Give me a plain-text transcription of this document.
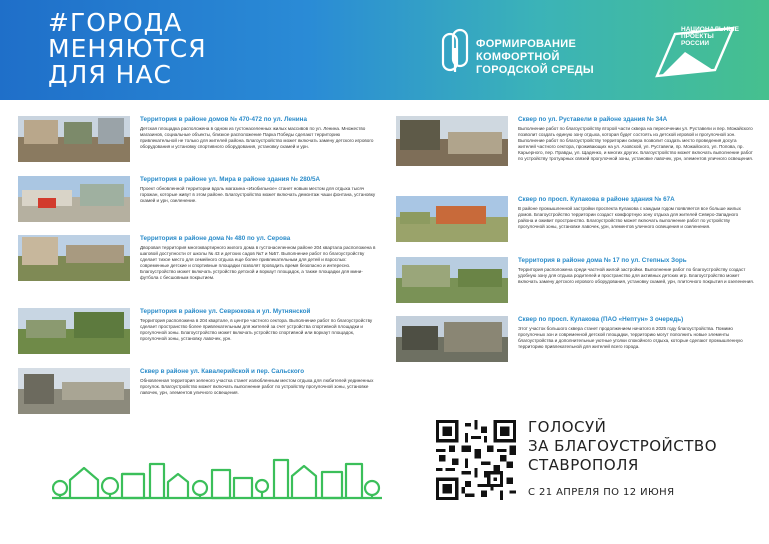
#ГОРОДА
МЕНЯЮТСЯ
ДЛЯ НАС
ФОРМИРОВАНИЕ
КОМФОРТНОЙ
ГОРОДСКОЙ СРЕДЫ
НАЦИОНАЛЬНЫЕ
ПРОЕКТЫ
РОССИИ
Территория в районе домов № 470-472 по ул. Ленина
Детская площадка расположена в одном из густонаселенных жилых массивов по ул. Ленина. Множество магазинов, социальные объекты, близкое расположение Парка Победы сделают территорию привлекательной не только для жителей района. Благоустройство может включать замену детского игрового оборудования и установку спортивного оборудования, установку скамей и урн.
Территория в районе ул. Мира в районе здания № 280/5А
Проект обновленной территории вдоль магазина «Изобильное» станет новым местом для отдыха тысяч горожан, которые живут в этом районе. Благоустройство может включать демонтаж чаши фонтана, установку скамей и урн, озеленение.
Территория в районе дома № 480 по ул. Серова
Дворовая территория многоквартирного жилого дома в густонаселенном районе 204 квартала расположена в шаговой доступности от школы № 43 и детских садов №7 и №57. Выполнение работ по благоустройству сделает тихое место для семейного отдыха еще более привлекательным для детей и взрослых: современные детские и спортивные площадки позволят проводить время безопасно и интересно. Благоустройство может включать устройство детской и воркаут площадок, а также площадки для мини-футбола с бесшовным покрытием.
Территория в районе ул. Севрюкова и ул. Мутнянской
Территория расположена в 204 квартале, в центре частного сектора. Выполнение работ по благоустройству сделает пространство более привлекательным для жителей за счет устройства спортивной площадки и прогулочной зоны. Благоустройство может включать устройство спортивной или воркаут площадок, прогулочной зоны, установку лавочек, урн.
Сквер в районе ул. Кавалерийской и пер. Сальского
Обновленная территория зеленого участка станет излюбленным местом отдыха для любителей уединенных прогулок. Благоустройство может включать выполнение работ по устройству прогулочной зоны, установке лавочек, урн, элементов уличного освещения.
Сквер по ул. Руставели в районе здания № 34А
Выполнение работ по благоустройству второй части сквера на пересечении ул. Руставели и пер. Можайского позволит создать единую зону отдыха, которая будет состоять из детской игровой и прогулочной зон. Выполнение работ по благоустройству территории сквера позволит создать место проведения досуга жителей частного сектора, проживающих на ул. Азовской, ул. Руставели, пр. Можайского, ул. Попова, пр. Карьерного, пер. Правды, ул. Щаденко, и многих других. Благоустройство может включать выполнение работ по устройству тротуарных связей прогулочной зоны, установке лавочек, урн, элементов уличного освещения.
Сквер по просп. Кулакова в районе здания № 67А
В районе промышленной застройки проспекта Кулакова с каждым годом появляется все больше жилых домов. Благоустройство территории создаст комфортную зону отдыха для жителей Северо-Западного района и оживит пространство. Благоустройство может включать выполнение работ по устройству прогулочной зоны, установке лавочек, урн, элементов уличного освещения и озеленения.
Территория в районе дома № 17 по ул. Степных Зорь
Территория расположена среди частной жилой застройки. Выполнение работ по благоустройству создаст удобную зону для отдыха родителей и пространство для активных детских игр. Благоустройство может включать замену детского игрового оборудования, установку скамей, урн, плиточного покрытия и озеленения.
Сквер по просп. Кулакова (ПАО «Нептун» 3 очередь)
Этот участок большого сквера станет продолжением начатого в 2025 году благоустройства. Помимо прогулочных зон и современной детской площадки, территорию могут пополнить новые элементы благоустройства и дополнительные уютные уголки спокойного отдыха, которые сделают промышленную территорию привлекательной для жителей всего города.
ГОЛОСУЙ
ЗА БЛАГОУСТРОЙСТВО
СТАВРОПОЛЯ
С 21 АПРЕЛЯ ПО 12 ИЮНЯ
